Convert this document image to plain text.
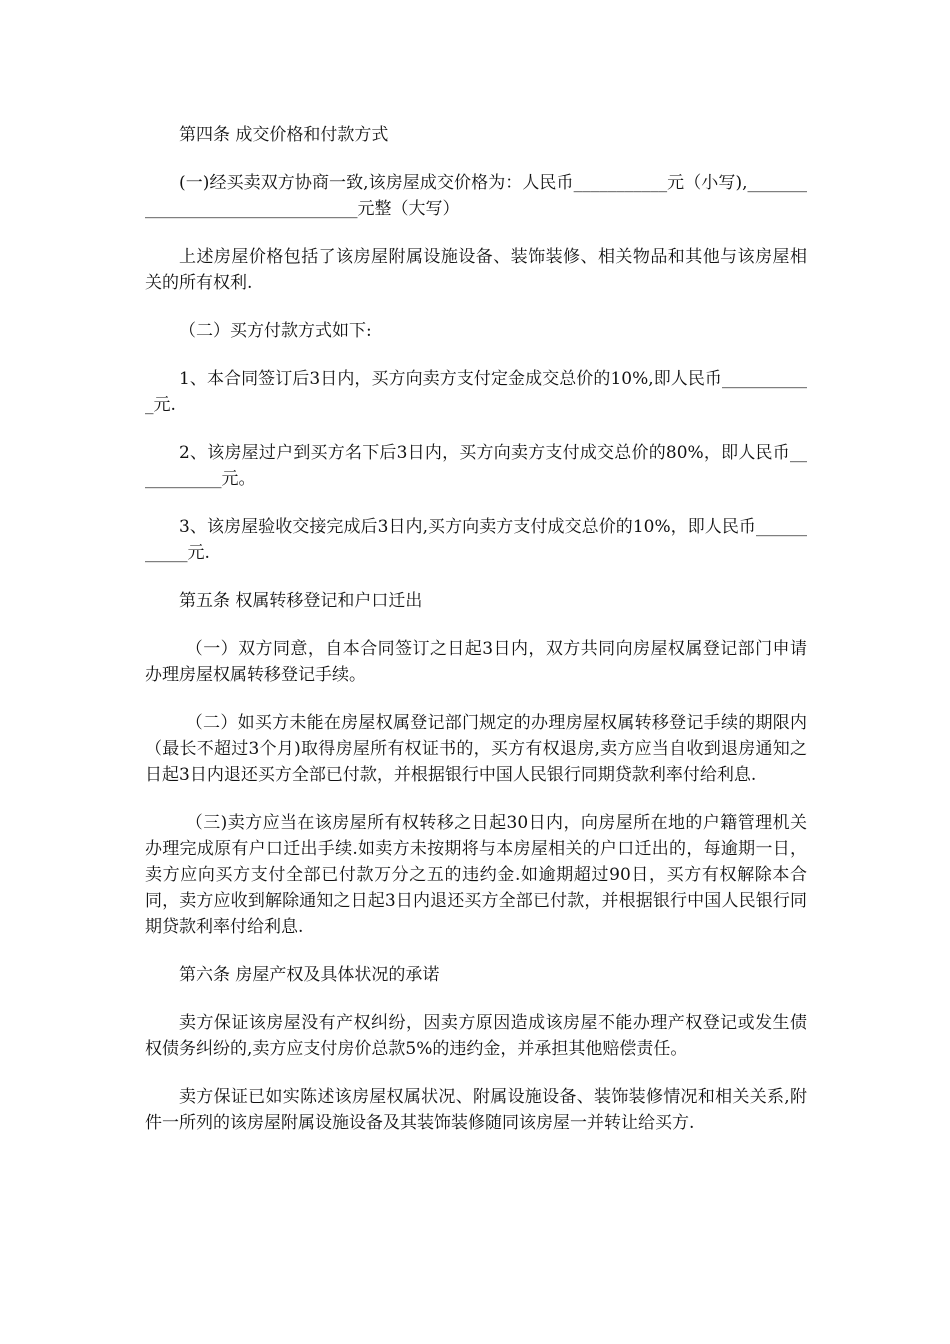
第四条 成交价格和付款方式

(一)经买卖双方协商一致,该房屋成交价格为：人民币___________元（小写),________________________________元整（大写）

上述房屋价格包括了该房屋附属设施设备、装饰装修、相关物品和其他与该房屋相关的所有权利.

（二）买方付款方式如下:

1、本合同签订后3日内，买方向卖方支付定金成交总价的10%,即人民币___________元.

2、该房屋过户到买方名下后3日内，买方向卖方支付成交总价的80%，即人民币___________元。

3、该房屋验收交接完成后3日内,买方向卖方支付成交总价的10%，即人民币___________元.

第五条 权属转移登记和户口迁出

（一）双方同意，自本合同签订之日起3日内，双方共同向房屋权属登记部门申请办理房屋权属转移登记手续。

（二）如买方未能在房屋权属登记部门规定的办理房屋权属转移登记手续的期限内（最长不超过3个月)取得房屋所有权证书的，买方有权退房,卖方应当自收到退房通知之日起3日内退还买方全部已付款，并根据银行中国人民银行同期贷款利率付给利息.

（三)卖方应当在该房屋所有权转移之日起30日内，向房屋所在地的户籍管理机关办理完成原有户口迁出手续.如卖方未按期将与本房屋相关的户口迁出的，每逾期一日，卖方应向买方支付全部已付款万分之五的违约金.如逾期超过90日，买方有权解除本合同，卖方应收到解除通知之日起3日内退还买方全部已付款，并根据银行中国人民银行同期贷款利率付给利息.

第六条 房屋产权及具体状况的承诺

卖方保证该房屋没有产权纠纷，因卖方原因造成该房屋不能办理产权登记或发生债权债务纠纷的,卖方应支付房价总款5%的违约金，并承担其他赔偿责任。

卖方保证已如实陈述该房屋权属状况、附属设施设备、装饰装修情况和相关关系,附件一所列的该房屋附属设施设备及其装饰装修随同该房屋一并转让给买方.
